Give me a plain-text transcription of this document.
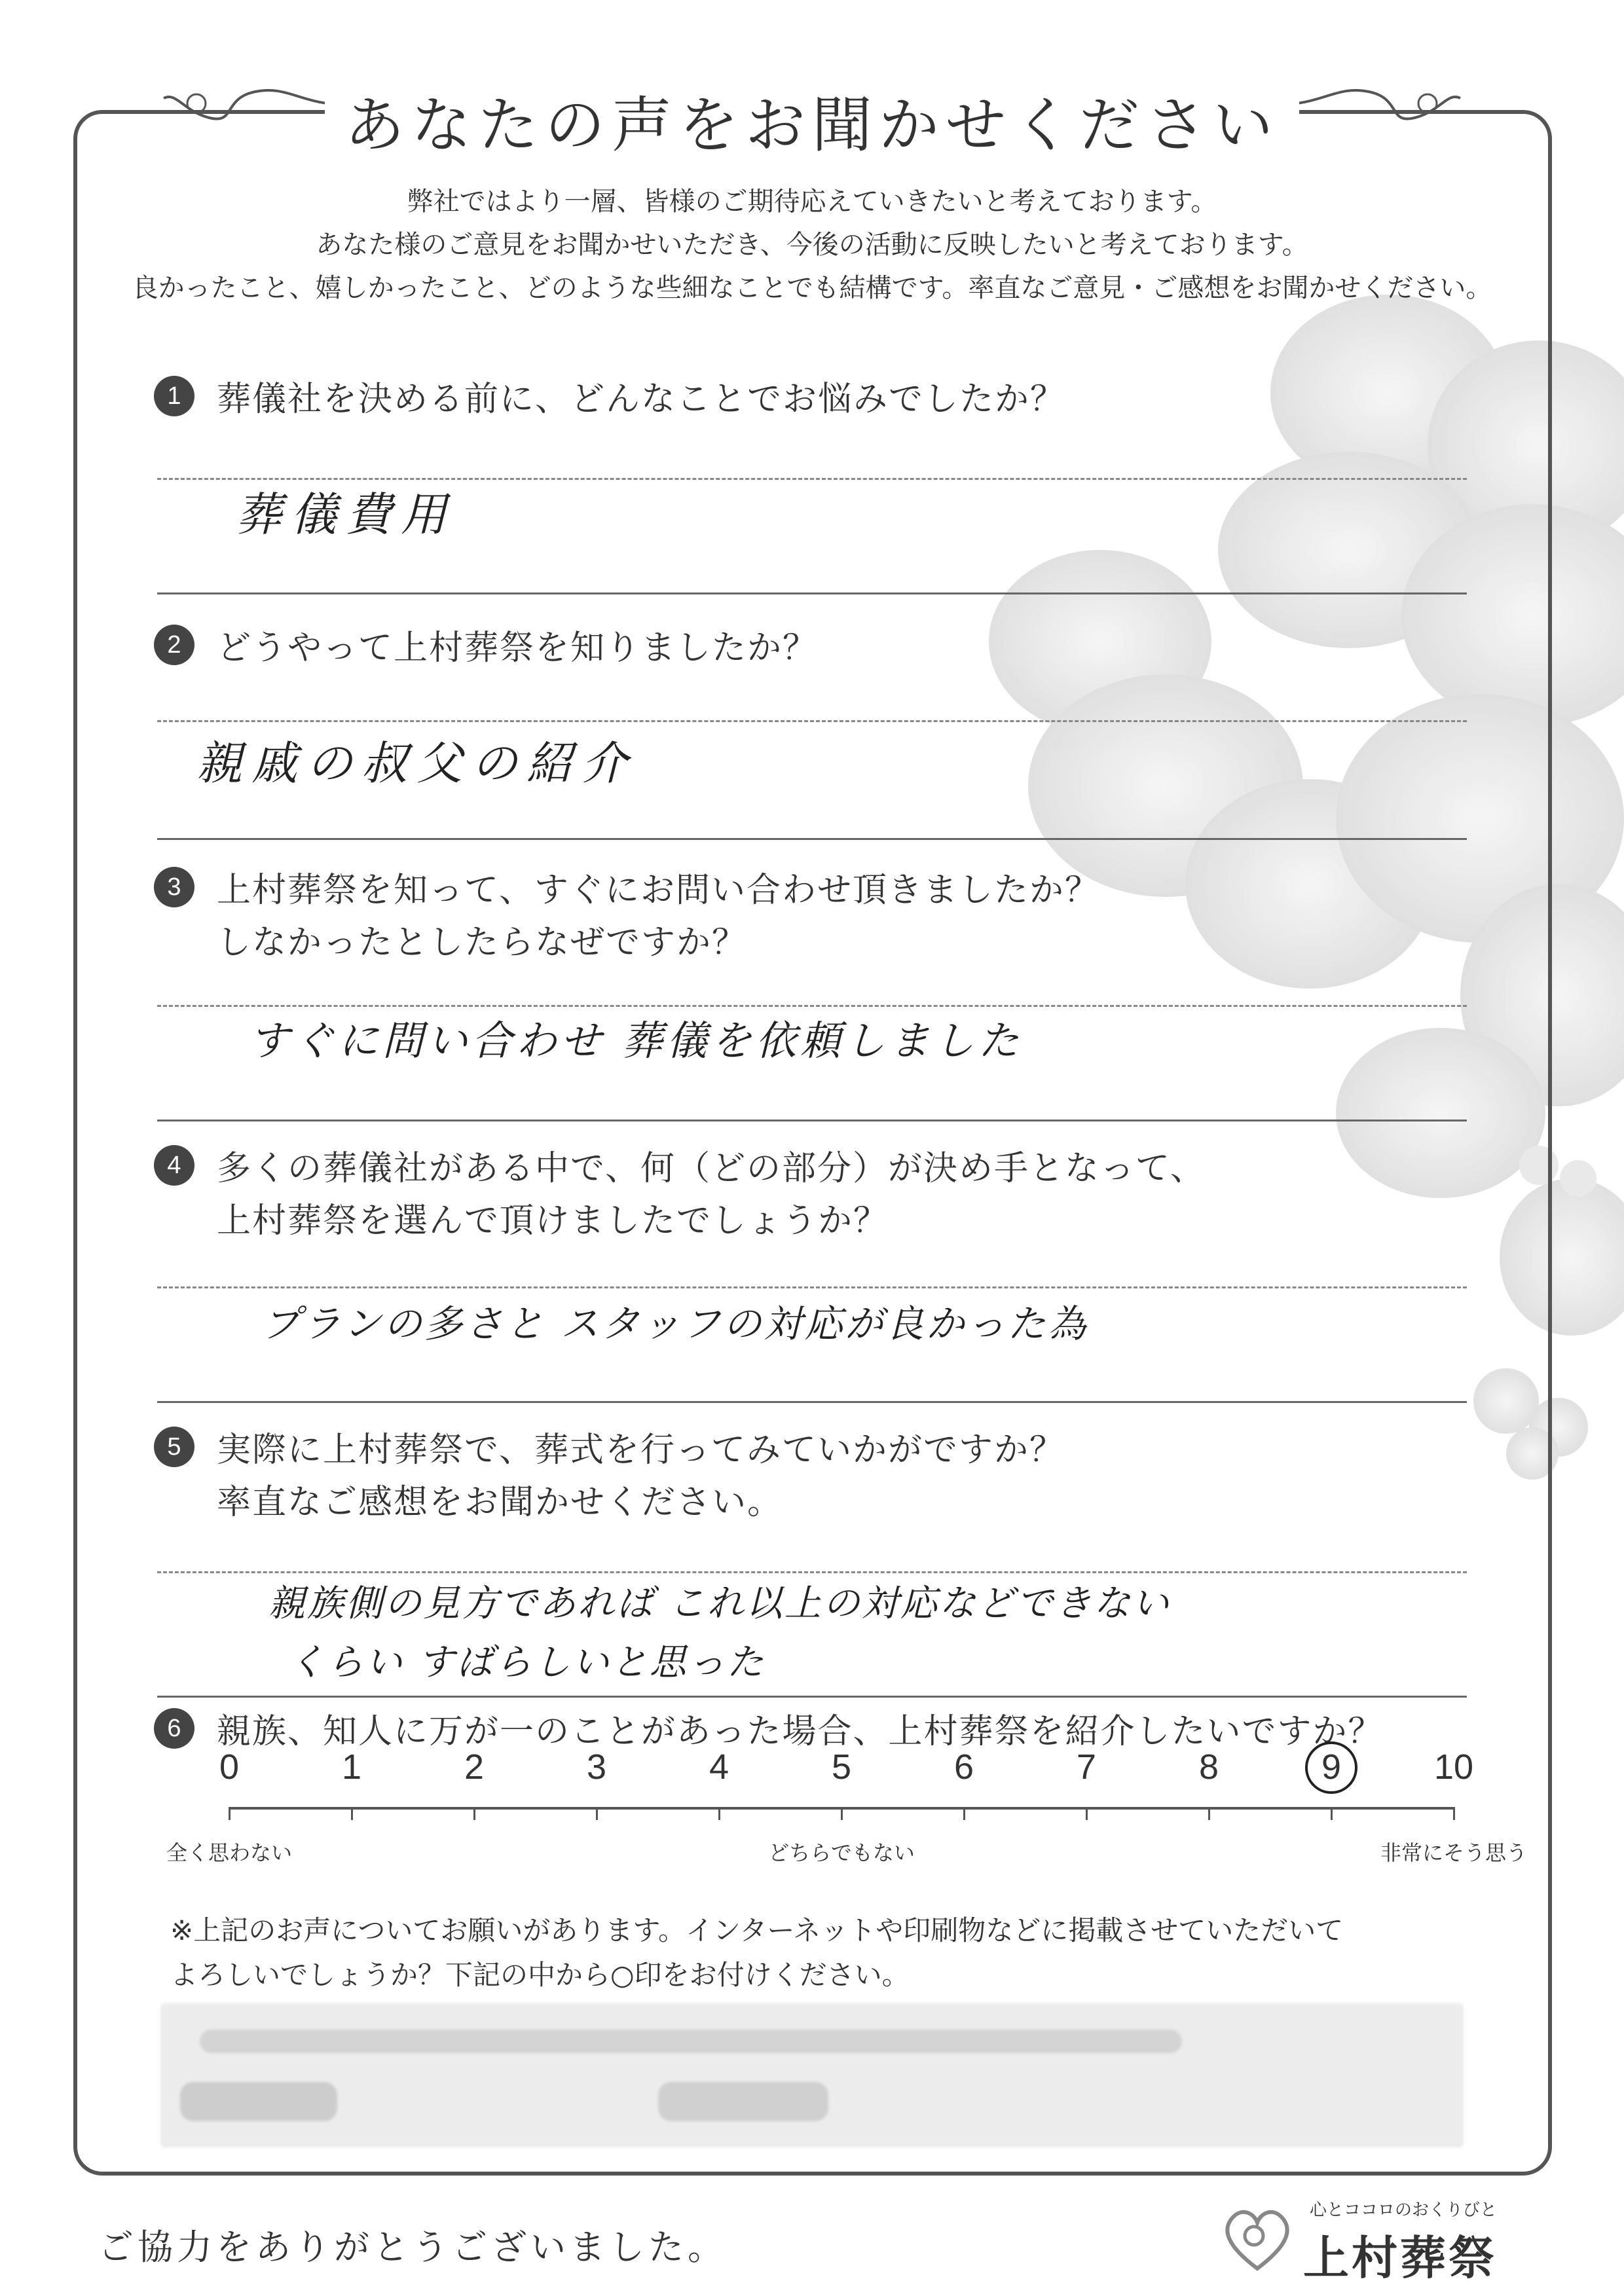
あなたの声をお聞かせください
弊社ではより一層、皆様のご期待応えていきたいと考えております。
あなた様のご意見をお聞かせいただき、今後の活動に反映したいと考えております。
良かったこと、嬉しかったこと、どのような些細なことでも結構です。率直なご意見・ご感想をお聞かせください。
1	葬儀社を決める前に、どんなことでお悩みでしたか？
葬儀費用
2	どうやって上村葬祭を知りましたか？
親戚の叔父の紹介
3	上村葬祭を知って、すぐにお問い合わせ頂きましたか？
しなかったとしたらなぜですか？
すぐに問い合わせ 葬儀を依頼しました
4	多くの葬儀社がある中で、何（どの部分）が決め手となって、
上村葬祭を選んで頂けましたでしょうか？
プランの多さと スタッフの対応が良かった為
5	実際に上村葬祭で、葬式を行ってみていかがですか？
率直なご感想をお聞かせください。
親族側の見方であれば これ以上の対応などできない
くらい すばらしいと思った
6	親族、知人に万が一のことがあった場合、上村葬祭を紹介したいですか？
全く思わない	どちらでもない	非常にそう思う
0	1	2	3	4	5	6	7	8	9	10
※上記のお声についてお願いがあります。インターネットや印刷物などに掲載させていただいて
よろしいでしょうか？下記の中から○印をお付けください。
ご協力をありがとうございました。
心とココロのおくりびと
上村葬祭
